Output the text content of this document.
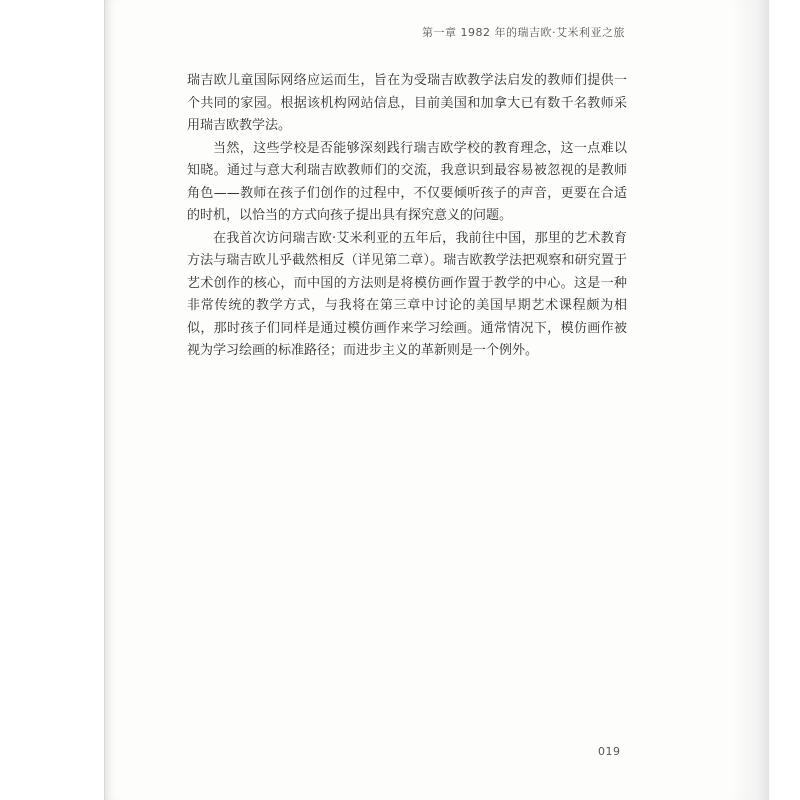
第一章 1982 年的瑞吉欧·艾米利亚之旅

瑞吉欧儿童国际网络应运而生，旨在为受瑞吉欧教学法启发的教师们提供一个共同的家园。根据该机构网站信息，目前美国和加拿大已有数千名教师采用瑞吉欧教学法。

当然，这些学校是否能够深刻践行瑞吉欧学校的教育理念，这一点难以知晓。通过与意大利瑞吉欧教师们的交流，我意识到最容易被忽视的是教师角色——教师在孩子们创作的过程中，不仅要倾听孩子的声音，更要在合适的时机，以恰当的方式向孩子提出具有探究意义的问题。

在我首次访问瑞吉欧·艾米利亚的五年后，我前往中国，那里的艺术教育方法与瑞吉欧儿乎截然相反（详见第二章）。瑞吉欧教学法把观察和研究置于艺术创作的核心，而中国的方法则是将模仿画作置于教学的中心。这是一种非常传统的教学方式，与我将在第三章中讨论的美国早期艺术课程颇为相似，那时孩子们同样是通过模仿画作来学习绘画。通常情况下，模仿画作被视为学习绘画的标准路径；而进步主义的革新则是一个例外。

019
